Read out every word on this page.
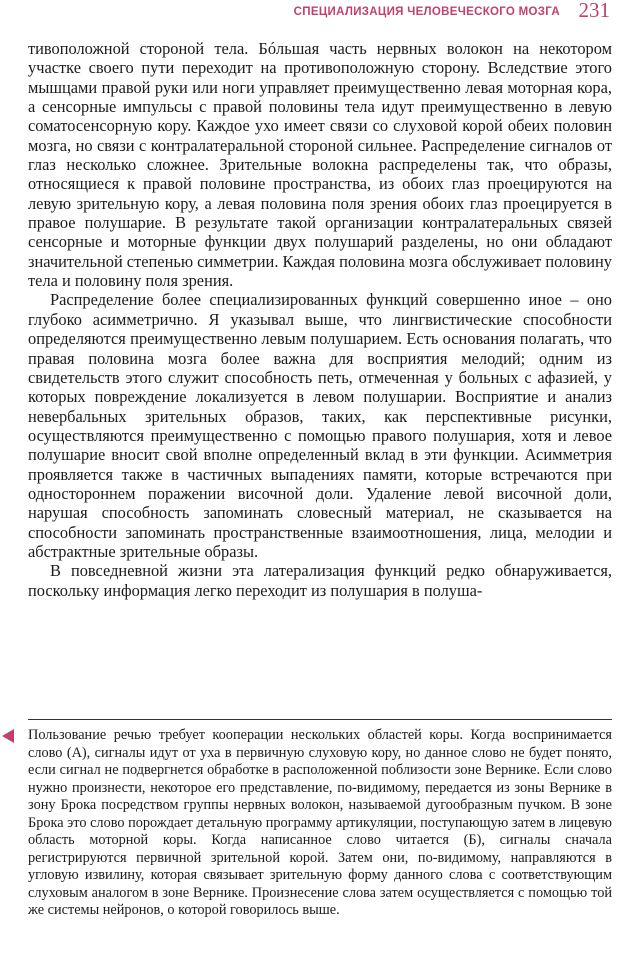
СПЕЦИАЛИЗАЦИЯ ЧЕЛОВЕЧЕСКОГО МОЗГА 231

тивоположной стороной тела. Бóльшая часть нервных волокон на некотором участке своего пути переходит на противоположную сторону. Вследствие этого мышцами правой руки или ноги управляет преимущественно левая моторная кора, а сенсорные импульсы с правой половины тела идут преимущественно в левую соматосенсорную кору. Каждое ухо имеет связи со слуховой корой обеих половин мозга, но связи с контралатеральной стороной сильнее. Распределение сигналов от глаз несколько сложнее. Зрительные волокна распределены так, что образы, относящиеся к правой половине пространства, из обоих глаз проецируются на левую зрительную кору, а левая половина поля зрения обоих глаз проецируется в правое полушарие. В результате такой организации контралатеральных связей сенсорные и моторные функции двух полушарий разделены, но они обладают значительной степенью симметрии. Каждая половина мозга обслуживает половину тела и половину поля зрения.

Распределение более специализированных функций совершенно иное – оно глубоко асимметрично. Я указывал выше, что лингвистические способности определяются преимущественно левым полушарием. Есть основания полагать, что правая половина мозга более важна для восприятия мелодий; одним из свидетельств этого служит способность петь, отмеченная у больных с афазией, у которых повреждение локализуется в левом полушарии. Восприятие и анализ невербальных зрительных образов, таких, как перспективные рисунки, осуществляются преимущественно с помощью правого полушария, хотя и левое полушарие вносит свой вполне определенный вклад в эти функции. Асимметрия проявляется также в частичных выпадениях памяти, которые встречаются при одностороннем поражении височной доли. Удаление левой височной доли, нарушая способность запоминать словесный материал, не сказывается на способности запоминать пространственные взаимоотношения, лица, мелодии и абстрактные зрительные образы.

В повседневной жизни эта латерализация функций редко обнаруживается, поскольку информация легко переходит из полушария в полуша-

Пользование речью требует кооперации нескольких областей коры. Когда воспринимается слово (А), сигналы идут от уха в первичную слуховую кору, но данное слово не будет понято, если сигнал не подвергнется обработке в расположенной поблизости зоне Вернике. Если слово нужно произнести, некоторое его представление, по-видимому, передается из зоны Вернике в зону Брока посредством группы нервных волокон, называемой дугообразным пучком. В зоне Брока это слово порождает детальную программу артикуляции, поступающую затем в лицевую область моторной коры. Когда написанное слово читается (Б), сигналы сначала регистрируются первичной зрительной корой. Затем они, по-видимому, направляются в угловую извилину, которая связывает зрительную форму данного слова с соответствующим слуховым аналогом в зоне Вернике. Произнесение слова затем осуществляется с помощью той же системы нейронов, о которой говорилось выше.
